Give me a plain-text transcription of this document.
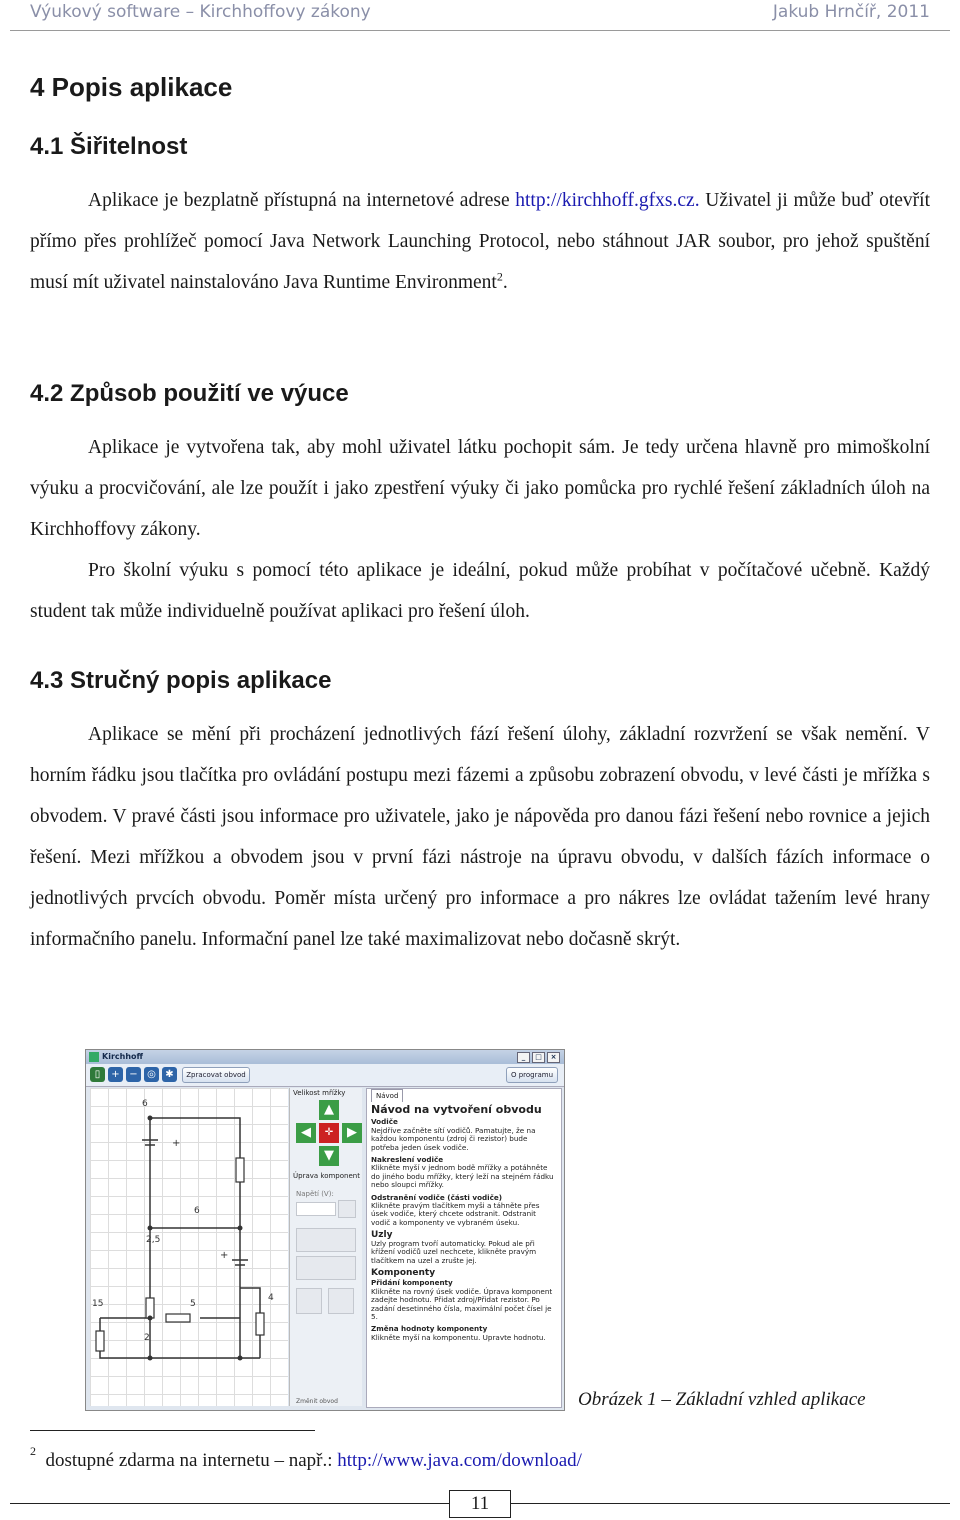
Výukový software – Kirchhoffovy zákony	Jakub Hrnčíř, 2011
4 Popis aplikace
4.1 Šiřitelnost
Aplikace je bezplatně přístupná na internetové adrese http://kirchhoff.gfxs.cz. Uživatel ji může buď otevřít přímo přes prohlížeč pomocí Java Network Launching Protocol, nebo stáhnout JAR soubor, pro jehož spuštění musí mít uživatel nainstalováno Java Runtime Environment$^2$.
4.2 Způsob použití ve výuce
Aplikace je vytvořena tak, aby mohl uživatel látku pochopit sám. Je tedy určena hlavně pro mimoškolní výuku a procvičování, ale lze použít i jako zpestření výuky či jako pomůcka pro rychlé řešení základních úloh na Kirchhoffovy zákony.
Pro školní výuku s pomocí této aplikace je ideální, pokud může probíhat v počítačové učebně. Každý student tak může individuelně používat aplikaci pro řešení úloh.
4.3 Stručný popis aplikace
Aplikace se mění při procházení jednotlivých fází řešení úlohy, základní rozvržení se však nemění. V horním řádku jsou tlačítka pro ovládání postupu mezi fázemi a způsobu zobrazení obvodu, v levé části je mřížka s obvodem. V pravé části jsou informace pro uživatele, jako je nápověda pro danou fázi řešení nebo rovnice a jejich řešení. Mezi mřížkou a obvodem jsou v první fázi nástroje na úpravu obvodu, v dalších fázích informace o jednotlivých prvcích obvodu. Poměr místa určený pro informace a pro nákres lze ovládat tažením levé hrany informačního panelu. Informační panel lze také maximalizovat nebo dočasně skrýt.
Kirchhoff	_	□	×
▯	+ − ◎ ✱	Zpracovat obvod	O programu
6
6
2,5
15	5
2
4
+
+
Velikost mřížky
▲
◀	✛	▶
▼
Úprava komponent
Napětí (V):
Návod
Návod na vytvoření obvodu
Vodiče
Nejdříve začněte sítí vodičů. Pamatujte, že na každou komponentu (zdroj či rezistor) bude potřeba jeden úsek vodiče.
Nakreslení vodiče
Klikněte myší v jednom bodě mřížky a potáhněte do jiného bodu mřížky, který leží na stejném řádku nebo sloupci mřížky.
Odstranění vodiče (části vodiče)
Klikněte pravým tlačítkem myši a táhněte přes úsek vodiče, který chcete odstranit. Odstranit vodič a komponenty ve vybraném úseku.
Uzly
Uzly program tvoří automaticky. Pokud ale při křížení vodičů uzel nechcete, klikněte pravým tlačítkem na uzel a zrušte jej.
Komponenty
Přidání komponenty
Klikněte na rovný úsek vodiče. Úprava komponent zadejte hodnotu. Přidat zdroj/Přidat rezistor. Po zadání desetinného čísla, maximální počet čísel je 5.
Změna hodnoty komponenty
Klikněte myší na komponentu. Upravte hodnotu.
Změnit obvod	Obrázek 1 – Základní vzhled aplikace
$^2$ dostupné zdarma na internetu – např.: http://www.java.com/download/
11
